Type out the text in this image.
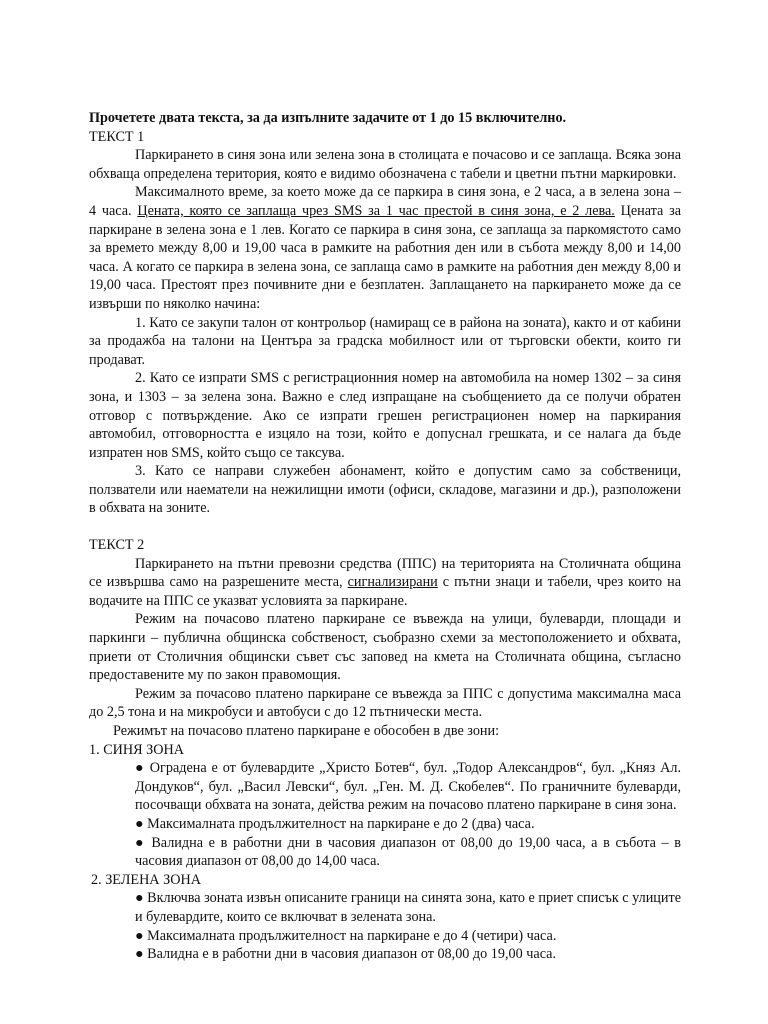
Прочетете двата текста, за да изпълните задачите от 1 до 15 включително.

ТЕКСТ 1

Паркирането в синя зона или зелена зона в столицата е почасово и се заплаща. Всяка зона обхваща определена територия, която е видимо обозначена с табели и цветни пътни маркировки.

Максималното време, за което може да се паркира в синя зона, е 2 часа, а в зелена зона – 4 часа. Цената, която се заплаща чрез SMS за 1 час престой в синя зона, е 2 лева. Цената за паркиране в зелена зона е 1 лев. Когато се паркира в синя зона, се заплаща за паркомястото само за времето между 8,00 и 19,00 часа в рамките на работния ден или в събота между 8,00 и 14,00 часа. А когато се паркира в зелена зона, се заплаща само в рамките на работния ден между 8,00 и 19,00 часа. Престоят през почивните дни е безплатен. Заплащането на паркирането може да се извърши по няколко начина:

1. Като се закупи талон от контрольор (намиращ се в района на зоната), както и от кабини за продажба на талони на Центъра за градска мобилност или от търговски обекти, които ги продават.

2. Като се изпрати SMS с регистрационния номер на автомобила на номер 1302 – за синя зона, и 1303 – за зелена зона. Важно е след изпращане на съобщението да се получи обратен отговор с потвърждение. Ако се изпрати грешен регистрационен номер на паркирания автомобил, отговорността е изцяло на този, който е допуснал грешката, и се налага да бъде изпратен нов SMS, който също се таксува.

3. Като се направи служебен абонамент, който е допустим само за собственици, ползватели или наематели на нежилищни имоти (офиси, складове, магазини и др.), разположени в обхвата на зоните.

ТЕКСТ 2

Паркирането на пътни превозни средства (ППС) на територията на Столичната община се извършва само на разрешените места, сигнализирани с пътни знаци и табели, чрез които на водачите на ППС се указват условията за паркиране.

Режим на почасово платено паркиране се въвежда на улици, булеварди, площади и паркинги – публична общинска собственост, съобразно схеми за местоположението и обхвата, приети от Столичния общински съвет със заповед на кмета на Столичната община, съгласно предоставените му по закон правомощия.

Режим за почасово платено паркиране се въвежда за ППС с допустима максимална маса до 2,5 тона и на микробуси и автобуси с до 12 пътнически места.

Режимът на почасово платено паркиране е обособен в две зони:

1. СИНЯ ЗОНА

● Оградена е от булевардите „Христо Ботев“, бул. „Тодор Александров“, бул. „Княз Ал. Дондуков“, бул. „Васил Левски“, бул. „Ген. М. Д. Скобелев“. По граничните булеварди, посочващи обхвата на зоната, действа режим на почасово платено паркиране в синя зона.

● Максималната продължителност на паркиране е до 2 (два) часа.

● Валидна е в работни дни в часовия диапазон от 08,00 до 19,00 часа, а в събота – в часовия диапазон от 08,00 до 14,00 часа.

2. ЗЕЛЕНА ЗОНА

● Включва зоната извън описаните граници на синята зона, като е приет списък с улиците и булевардите, които се включват в зелената зона.

● Максималната продължителност на паркиране е до 4 (четири) часа.

● Валидна е в работни дни в часовия диапазон от 08,00 до 19,00 часа.
